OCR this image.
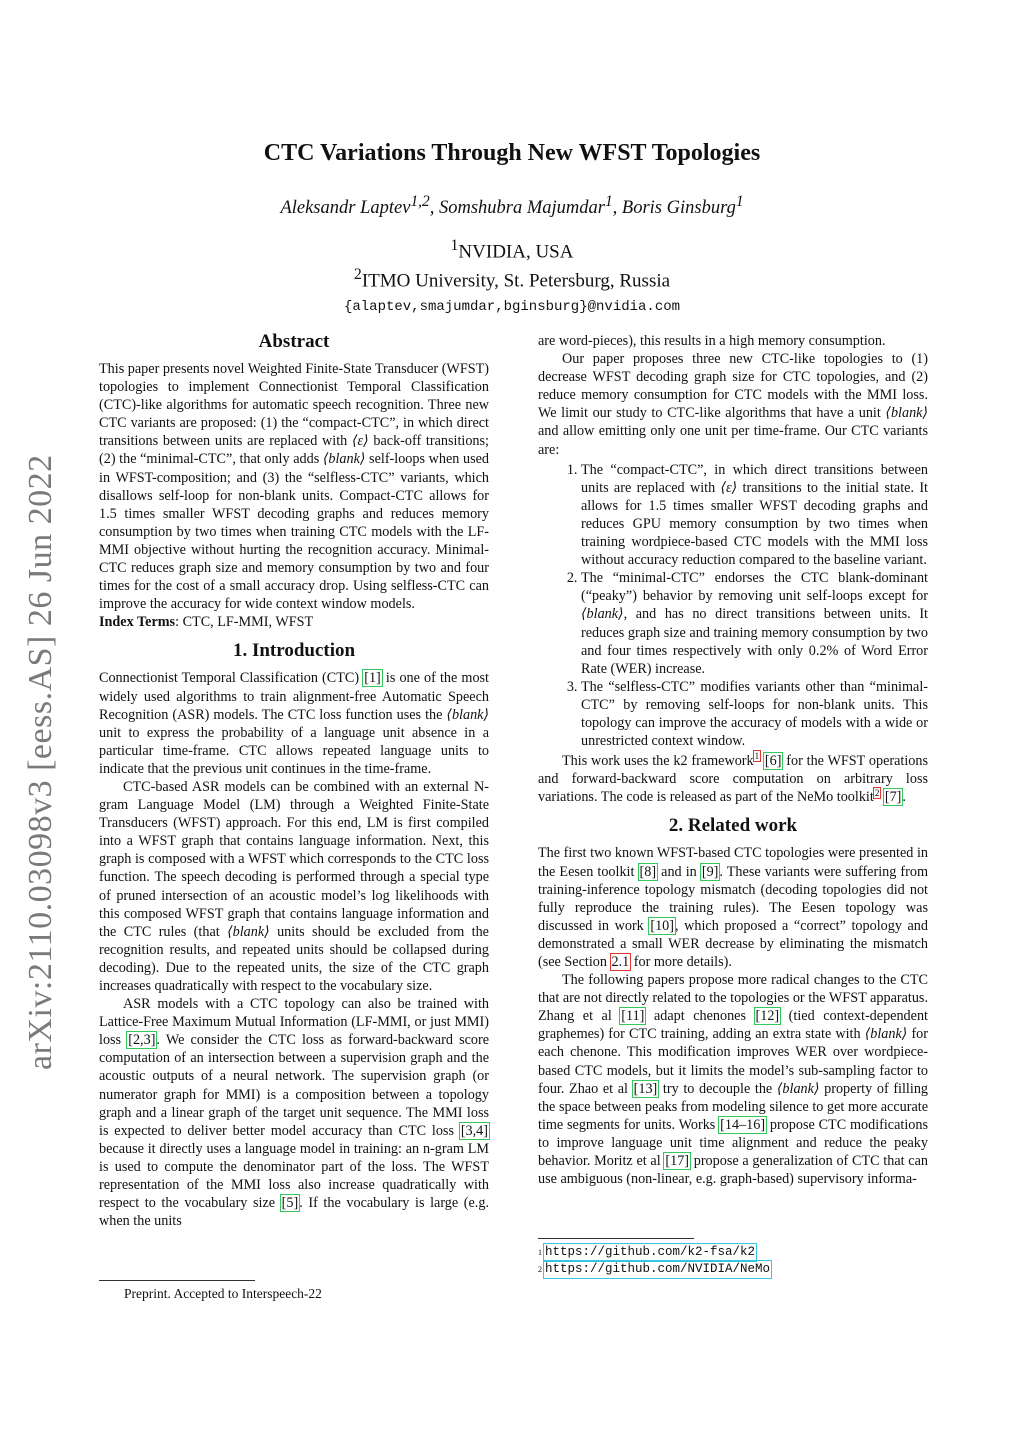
arXiv:2110.03098v3 [eess.AS] 26 Jun 2022
CTC Variations Through New WFST Topologies
Aleksandr Laptev$^{1,2}$, Somshubra Majumdar$^1$, Boris Ginsburg$^1$
$^1$NVIDIA, USA
$^2$ITMO University, St. Petersburg, Russia
{alaptev,smajumdar,bginsburg}@nvidia.com
Abstract

This paper presents novel Weighted Finite-State Transducer (WFST) topologies to implement Connectionist Temporal Classification (CTC)-like algorithms for automatic speech recognition. Three new CTC variants are proposed: (1) the “compact-CTC”, in which direct transitions between units are replaced with ⟨ε⟩ back-off transitions; (2) the “minimal-CTC”, that only adds ⟨blank⟩ self-loops when used in WFST-composition; and (3) the “selfless-CTC” variants, which disallows self-loop for non-blank units. Compact-CTC allows for 1.5 times smaller WFST decoding graphs and reduces memory consumption by two times when training CTC models with the LF-MMI objective without hurting the recognition accuracy. Minimal-CTC reduces graph size and memory consumption by two and four times for the cost of a small accuracy drop. Using selfless-CTC can improve the accuracy for wide context window models.

Index Terms: CTC, LF-MMI, WFST

1. Introduction

Connectionist Temporal Classification (CTC) [1] is one of the most widely used algorithms to train alignment-free Automatic Speech Recognition (ASR) models. The CTC loss function uses the ⟨blank⟩ unit to express the probability of a language unit absence in a particular time-frame. CTC allows repeated language units to indicate that the previous unit continues in the time-frame.

CTC-based ASR models can be combined with an external N-gram Language Model (LM) through a Weighted Finite-State Transducers (WFST) approach. For this end, LM is first compiled into a WFST graph that contains language information. Next, this graph is composed with a WFST which corresponds to the CTC loss function. The speech decoding is performed through a special type of pruned intersection of an acoustic model’s log likelihoods with this composed WFST graph that contains language information and the CTC rules (that ⟨blank⟩ units should be excluded from the recognition results, and repeated units should be collapsed during decoding). Due to the repeated units, the size of the CTC graph increases quadratically with respect to the vocabulary size.

ASR models with a CTC topology can also be trained with Lattice-Free Maximum Mutual Information (LF-MMI, or just MMI) loss [2,3]. We consider the CTC loss as forward-backward score computation of an intersection between a supervision graph and the acoustic outputs of a neural network. The supervision graph (or numerator graph for MMI) is a composition between a topology graph and a linear graph of the target unit sequence. The MMI loss is expected to deliver better model accuracy than CTC loss [3,4] because it directly uses a language model in training: an n-gram LM is used to compute the denominator part of the loss. The WFST representation of the MMI loss also increase quadratically with respect to the vocabulary size [5]. If the vocabulary is large (e.g. when the units

Preprint. Accepted to Interspeech-22

are word-pieces), this results in a high memory consumption.

Our paper proposes three new CTC-like topologies to (1) decrease WFST decoding graph size for CTC topologies, and (2) reduce memory consumption for CTC models with the MMI loss. We limit our study to CTC-like algorithms that have a unit ⟨blank⟩ and allow emitting only one unit per time-frame. Our CTC variants are:

1. The “compact-CTC”, in which direct transitions between units are replaced with ⟨ε⟩ transitions to the initial state. It allows for 1.5 times smaller WFST decoding graphs and reduces GPU memory consumption by two times when training wordpiece-based CTC models with the MMI loss without accuracy reduction compared to the baseline variant.
2. The “minimal-CTC” endorses the CTC blank-dominant (“peaky”) behavior by removing unit self-loops except for ⟨blank⟩, and has no direct transitions between units. It reduces graph size and training memory consumption by two and four times respectively with only 0.2% of Word Error Rate (WER) increase.
3. The “selfless-CTC” modifies variants other than “minimal-CTC” by removing self-loops for non-blank units. This topology can improve the accuracy of models with a wide or unrestricted context window.

This work uses the k2 framework$^1$ [6] for the WFST operations and forward-backward score computation on arbitrary loss variations. The code is released as part of the NeMo toolkit$^2$ [7].

2. Related work

The first two known WFST-based CTC topologies were presented in the Eesen toolkit [8] and in [9]. These variants were suffering from training-inference topology mismatch (decoding topologies did not fully reproduce the training rules). The Eesen topology was discussed in work [10], which proposed a “correct” topology and demonstrated a small WER decrease by eliminating the mismatch (see Section 2.1 for more details).

The following papers propose more radical changes to the CTC that are not directly related to the topologies or the WFST apparatus. Zhang et al [11] adapt chenones [12] (tied context-dependent graphemes) for CTC training, adding an extra state with ⟨blank⟩ for each chenone. This modification improves WER over wordpiece-based CTC models, but it limits the model’s sub-sampling factor to four. Zhao et al [13] try to decouple the ⟨blank⟩ property of filling the space between peaks from modeling silence to get more accurate time segments for units. Works [14–16] propose CTC modifications to improve language unit time alignment and reduce the peaky behavior. Moritz et al [17] propose a generalization of CTC that can use ambiguous (non-linear, e.g. graph-based) supervisory informa-

1 https://github.com/k2-fsa/k2
2 https://github.com/NVIDIA/NeMo
